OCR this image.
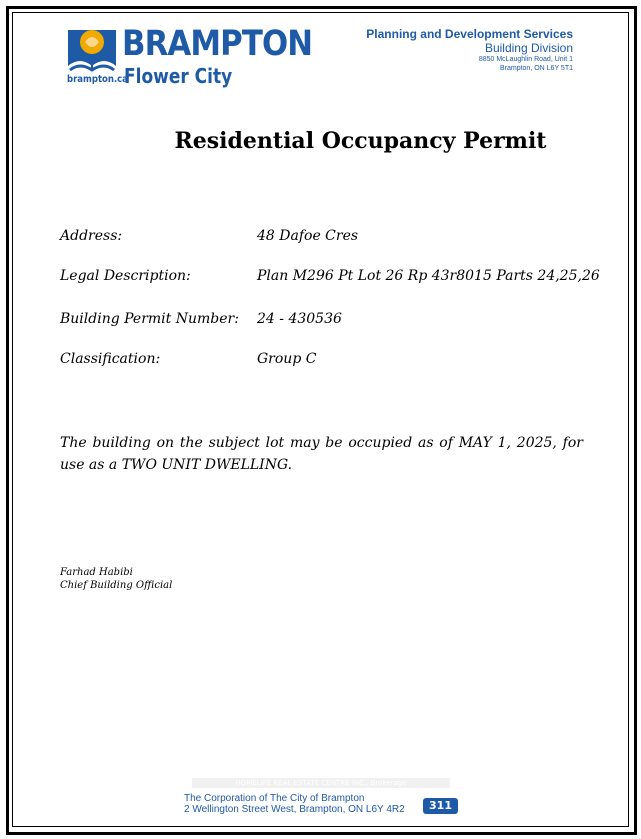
BRAMPTON
Flower City
brampton.ca
Planning and Development Services
Building Division
8850 McLaughlin Road, Unit 1
Brampton, ON L6Y 5T1
Residential Occupancy Permit
Address:	48 Dafoe Cres
Legal Description:	Plan M296 Pt Lot 26 Rp 43r8015 Parts 24,25,26
Building Permit Number: 24 - 430536
Classification:	Group C
The building on the subject lot may be occupied as of MAY 1, 2025, for use as a TWO UNIT DWELLING.
Farhad Habibi
Chief Building Official
HOMELIFE REAL ESTATE CENTRE INC., Brokerage
The Corporation of The City of Brampton
2 Wellington Street West, Brampton, ON L6Y 4R2	311
